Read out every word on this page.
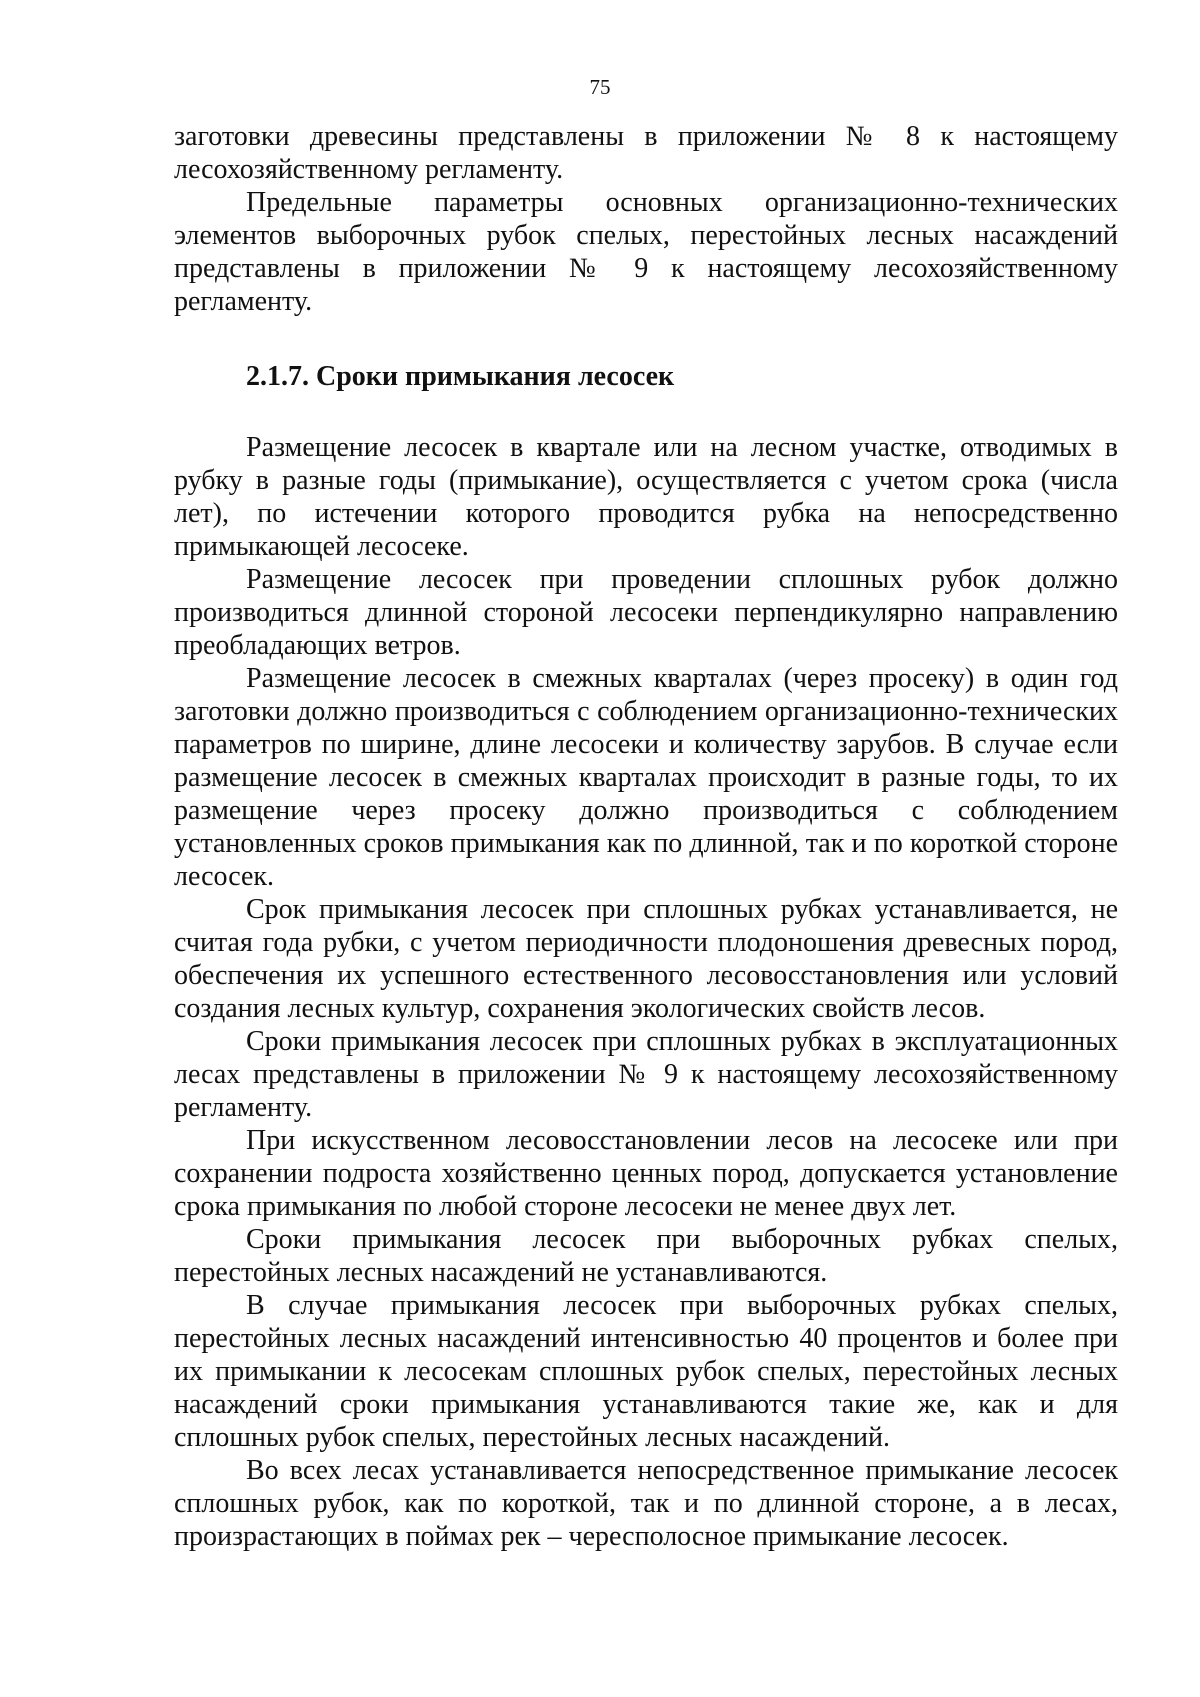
75

заготовки древесины представлены в приложении № 8 к настоящему лесохозяйственному регламенту.

Предельные параметры основных организационно-технических элементов выборочных рубок спелых, перестойных лесных насаждений представлены в приложении № 9 к настоящему лесохозяйственному регламенту.

2.1.7. Сроки примыкания лесосек

Размещение лесосек в квартале или на лесном участке, отводимых в рубку в разные годы (примыкание), осуществляется с учетом срока (числа лет), по истечении которого проводится рубка на непосредственно примыкающей лесосеке.

Размещение лесосек при проведении сплошных рубок должно производиться длинной стороной лесосеки перпендикулярно направлению преобладающих ветров.

Размещение лесосек в смежных кварталах (через просеку) в один год заготовки должно производиться с соблюдением организационно-технических параметров по ширине, длине лесосеки и количеству зарубов. В случае если размещение лесосек в смежных кварталах происходит в разные годы, то их размещение через просеку должно производиться с соблюдением установленных сроков примыкания как по длинной, так и по короткой стороне лесосек.

Срок примыкания лесосек при сплошных рубках устанавливается, не считая года рубки, с учетом периодичности плодоношения древесных пород, обеспечения их успешного естественного лесовосстановления или условий создания лесных культур, сохранения экологических свойств лесов.

Сроки примыкания лесосек при сплошных рубках в эксплуатационных лесах представлены в приложении № 9 к настоящему лесохозяйственному регламенту.

При искусственном лесовосстановлении лесов на лесосеке или при сохранении подроста хозяйственно ценных пород, допускается установление срока примыкания по любой стороне лесосеки не менее двух лет.

Сроки примыкания лесосек при выборочных рубках спелых, перестойных лесных насаждений не устанавливаются.

В случае примыкания лесосек при выборочных рубках спелых, перестойных лесных насаждений интенсивностью 40 процентов и более при их примыкании к лесосекам сплошных рубок спелых, перестойных лесных насаждений сроки примыкания устанавливаются такие же, как и для сплошных рубок спелых, перестойных лесных насаждений.

Во всех лесах устанавливается непосредственное примыкание лесосек сплошных рубок, как по короткой, так и по длинной стороне, а в лесах, произрастающих в поймах рек – чересполосное примыкание лесосек.
